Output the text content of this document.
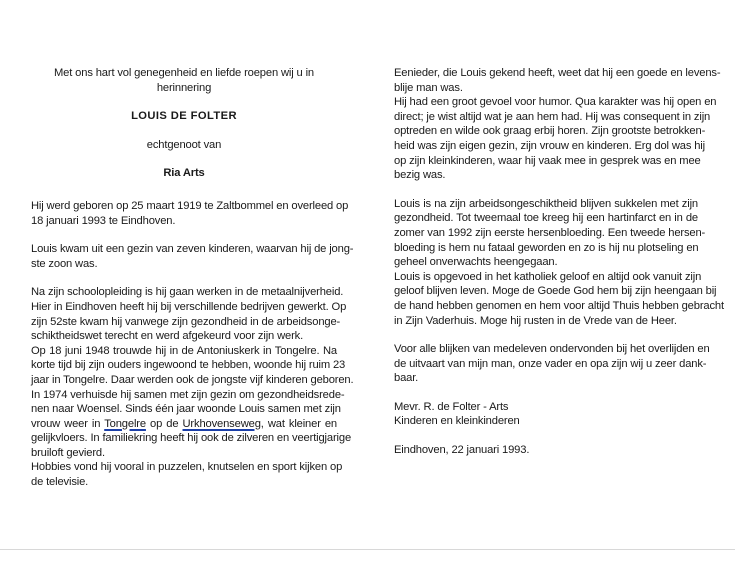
Met ons hart vol genegenheid en liefde roepen wij u in herinnering
LOUIS DE FOLTER
echtgenoot van
Ria Arts
Hij werd geboren op 25 maart 1919 te Zaltbommel en overleed op
18 januari 1993 te Eindhoven.
Louis kwam uit een gezin van zeven kinderen, waarvan hij de jong-
ste zoon was.
Na zijn schoolopleiding is hij gaan werken in de metaalnijverheid.
Hier in Eindhoven heeft hij bij verschillende bedrijven gewerkt. Op
zijn 52ste kwam hij vanwege zijn gezondheid in de arbeidsonge-
schiktheidswet terecht en werd afgekeurd voor zijn werk.
Op 18 juni 1948 trouwde hij in de Antoniuskerk in Tongelre. Na
korte tijd bij zijn ouders ingewoond te hebben, woonde hij ruim 23
jaar in Tongelre. Daar werden ook de jongste vijf kinderen geboren.
In 1974 verhuisde hij samen met zijn gezin om gezondheidsrede-
nen naar Woensel. Sinds één jaar woonde Louis samen met zijn
vrouw weer in Tongelre op de Urkhovenseweg, wat kleiner en
gelijkvloers. In familiekring heeft hij ook de zilveren en veertigjarige
bruiloft gevierd.
Hobbies vond hij vooral in puzzelen, knutselen en sport kijken op
de televisie.
Eenieder, die Louis gekend heeft, weet dat hij een goede en levens-
blije man was.
Hij had een groot gevoel voor humor. Qua karakter was hij open en
direct; je wist altijd wat je aan hem had. Hij was consequent in zijn
optreden en wilde ook graag erbij horen. Zijn grootste betrokken-
heid was zijn eigen gezin, zijn vrouw en kinderen. Erg dol was hij
op zijn kleinkinderen, waar hij vaak mee in gesprek was en mee
bezig was.
Louis is na zijn arbeidsongeschiktheid blijven sukkelen met zijn
gezondheid. Tot tweemaal toe kreeg hij een hartinfarct en in de
zomer van 1992 zijn eerste hersenbloeding. Een tweede hersen-
bloeding is hem nu fataal geworden en zo is hij nu plotseling en
geheel onverwachts heengegaan.
Louis is opgevoed in het katholiek geloof en altijd ook vanuit zijn
geloof blijven leven. Moge de Goede God hem bij zijn heengaan bij
de hand hebben genomen en hem voor altijd Thuis hebben gebracht
in Zijn Vaderhuis. Moge hij rusten in de Vrede van de Heer.
Voor alle blijken van medeleven ondervonden bij het overlijden en
de uitvaart van mijn man, onze vader en opa zijn wij u zeer dank-
baar.
Mevr. R. de Folter - Arts
Kinderen en kleinkinderen
Eindhoven, 22 januari 1993.
